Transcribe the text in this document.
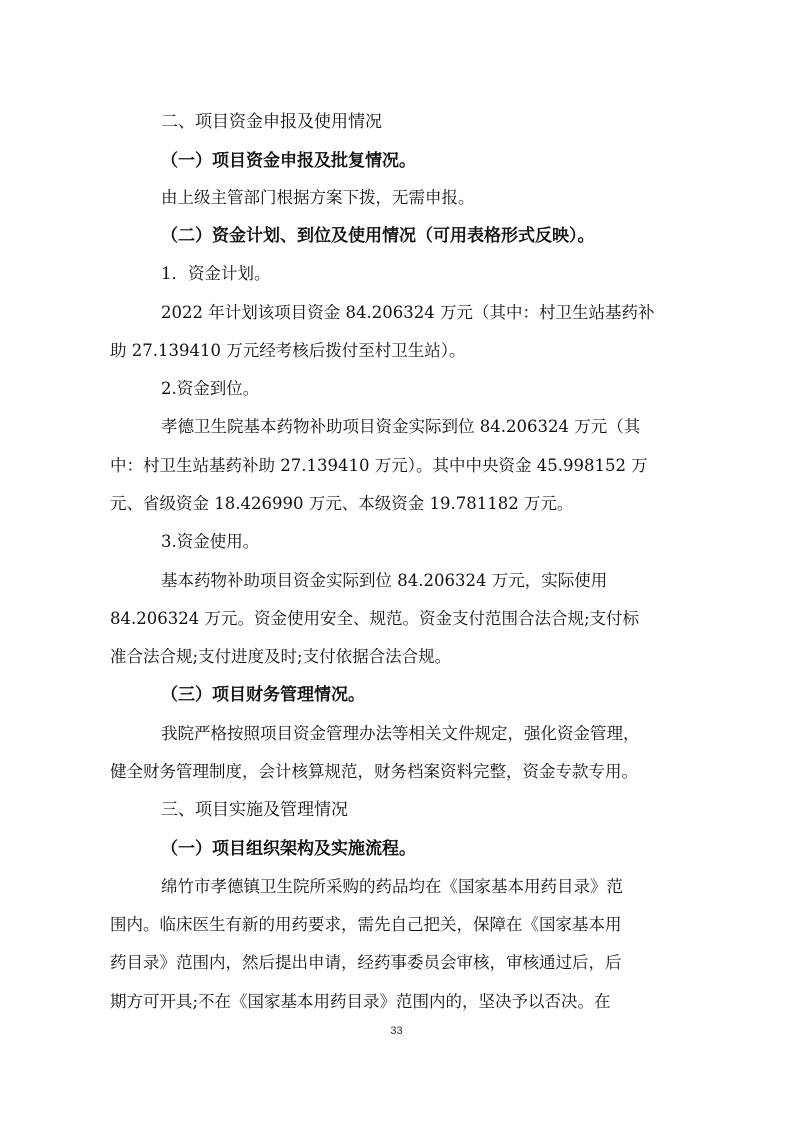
二、项目资金申报及使用情况
（一）项目资金申报及批复情况。
由上级主管部门根据方案下拨，无需申报。
（二）资金计划、到位及使用情况（可用表格形式反映）。
1．资金计划。
2022 年计划该项目资金 84.206324 万元（其中：村卫生站基药补
助 27.139410 万元经考核后拨付至村卫生站）。
2.资金到位。
孝德卫生院基本药物补助项目资金实际到位 84.206324 万元（其
中：村卫生站基药补助 27.139410 万元）。其中中央资金 45.998152 万
元、省级资金 18.426990 万元、本级资金 19.781182 万元。
3.资金使用。
基本药物补助项目资金实际到位 84.206324 万元，实际使用
84.206324 万元。资金使用安全、规范。资金支付范围合法合规;支付标
准合法合规;支付进度及时;支付依据合法合规。
（三）项目财务管理情况。
我院严格按照项目资金管理办法等相关文件规定，强化资金管理，
健全财务管理制度，会计核算规范，财务档案资料完整，资金专款专用。
三、项目实施及管理情况
（一）项目组织架构及实施流程。
绵竹市孝德镇卫生院所采购的药品均在《国家基本用药目录》范
围内。临床医生有新的用药要求，需先自己把关，保障在《国家基本用
药目录》范围内，然后提出申请，经药事委员会审核，审核通过后，后
期方可开具;不在《国家基本用药目录》范围内的，坚决予以否决。在
33
